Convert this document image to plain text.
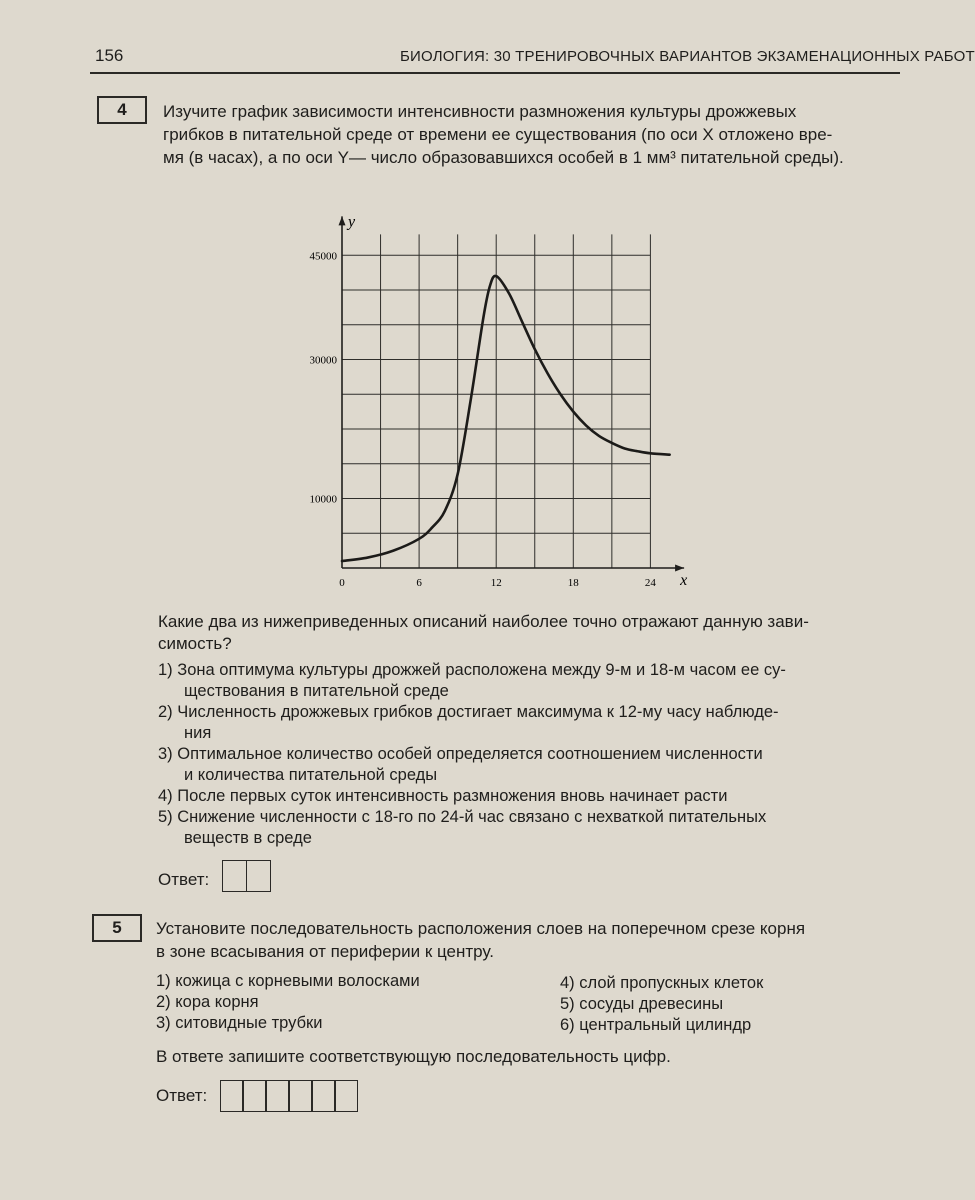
156	БИОЛОГИЯ: 30 ТРЕНИРОВОЧНЫХ ВАРИАНТОВ ЭКЗАМЕНАЦИОННЫХ РАБОТ
4	Изучите график зависимости интенсивности размножения культуры дрожжевых
грибков в питательной среде от времени ее существования (по оси X отложено вре-
мя (в часах), а по оси Y— число образовавшихся особей в 1 мм³ питательной среды).
x
y
0	6	12	18	24
10000
30000
45000
Какие два из нижеприведенных описаний наиболее точно отражают данную зави-
симость?
1) Зона оптимума культуры дрожжей расположена между 9-м и 18-м часом ее су-
ществования в питательной среде
2) Численность дрожжевых грибков достигает максимума к 12-му часу наблюде-
ния
3) Оптимальное количество особей определяется соотношением численности
и количества питательной среды
4) После первых суток интенсивность размножения вновь начинает расти
5) Снижение численности с 18-го по 24-й час связано с нехваткой питательных
веществ в среде
Ответ:
5	Установите последовательность расположения слоев на поперечном срезе корня
в зоне всасывания от периферии к центру.
1) кожица с корневыми волосками
2) кора корня
3) ситовидные трубки
4) слой пропускных клеток
5) сосуды древесины
6) центральный цилиндр
В ответе запишите соответствующую последовательность цифр.
Ответ:
